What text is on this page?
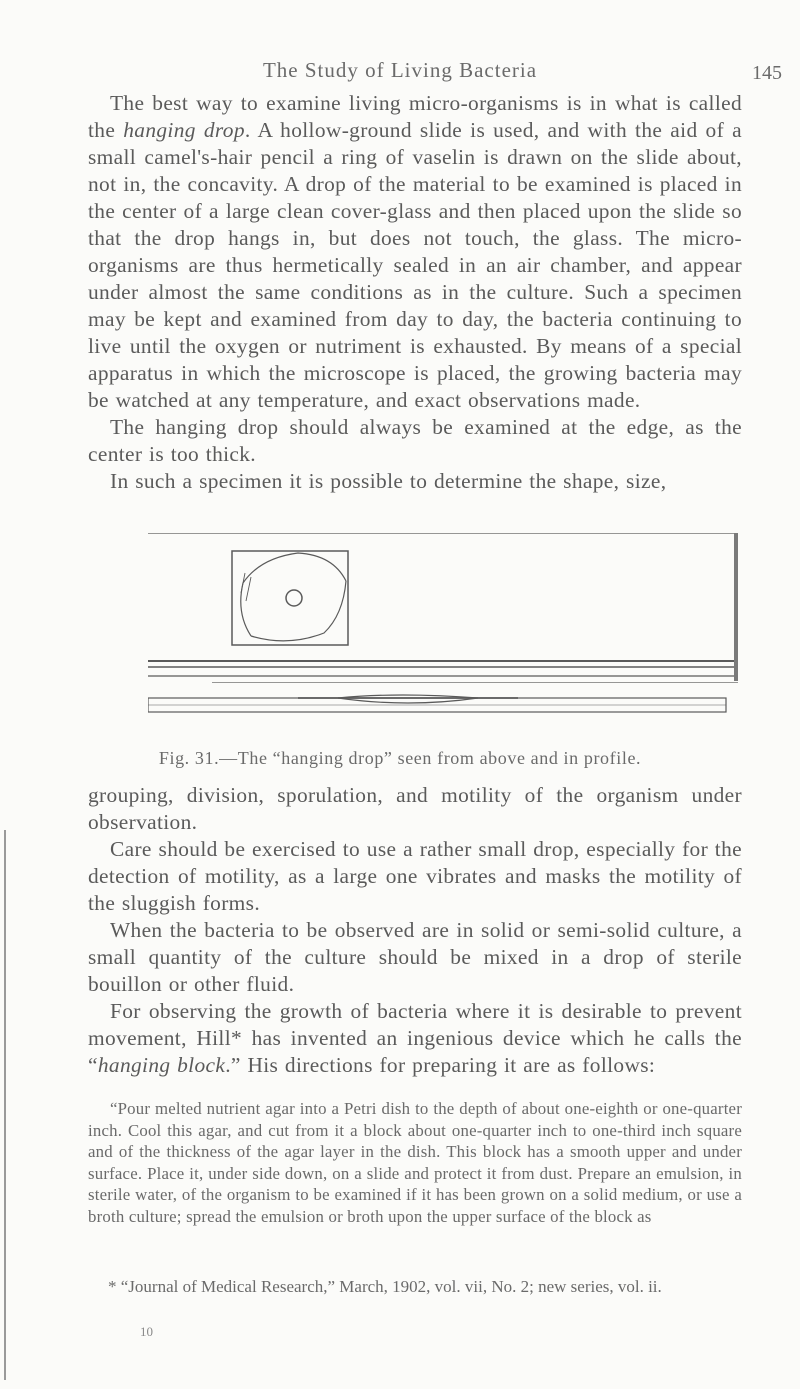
The Study of Living Bacteria	145

The best way to examine living micro-organisms is in what is called the hanging drop. A hollow-ground slide is used, and with the aid of a small camel's-hair pencil a ring of vaselin is drawn on the slide about, not in, the concavity. A drop of the material to be examined is placed in the center of a large clean cover-glass and then placed upon the slide so that the drop hangs in, but does not touch, the glass. The micro-organisms are thus hermetically sealed in an air chamber, and appear under almost the same conditions as in the culture. Such a specimen may be kept and examined from day to day, the bacteria continuing to live until the oxygen or nutriment is exhausted. By means of a special apparatus in which the microscope is placed, the growing bacteria may be watched at any temperature, and exact observations made.

The hanging drop should always be examined at the edge, as the center is too thick.

In such a specimen it is possible to determine the shape, size,

Fig. 31.—The “hanging drop” seen from above and in profile.

grouping, division, sporulation, and motility of the organism under observation.

Care should be exercised to use a rather small drop, especially for the detection of motility, as a large one vibrates and masks the motility of the sluggish forms.

When the bacteria to be observed are in solid or semi-solid culture, a small quantity of the culture should be mixed in a drop of sterile bouillon or other fluid.

For observing the growth of bacteria where it is desirable to prevent movement, Hill* has invented an ingenious device which he calls the “hanging block.” His directions for preparing it are as follows:

“Pour melted nutrient agar into a Petri dish to the depth of about one-eighth or one-quarter inch. Cool this agar, and cut from it a block about one-quarter inch to one-third inch square and of the thickness of the agar layer in the dish. This block has a smooth upper and under surface. Place it, under side down, on a slide and protect it from dust. Prepare an emulsion, in sterile water, of the organism to be examined if it has been grown on a solid medium, or use a broth culture; spread the emulsion or broth upon the upper surface of the block as

* “Journal of Medical Research,” March, 1902, vol. vii, No. 2; new series, vol. ii.

10
